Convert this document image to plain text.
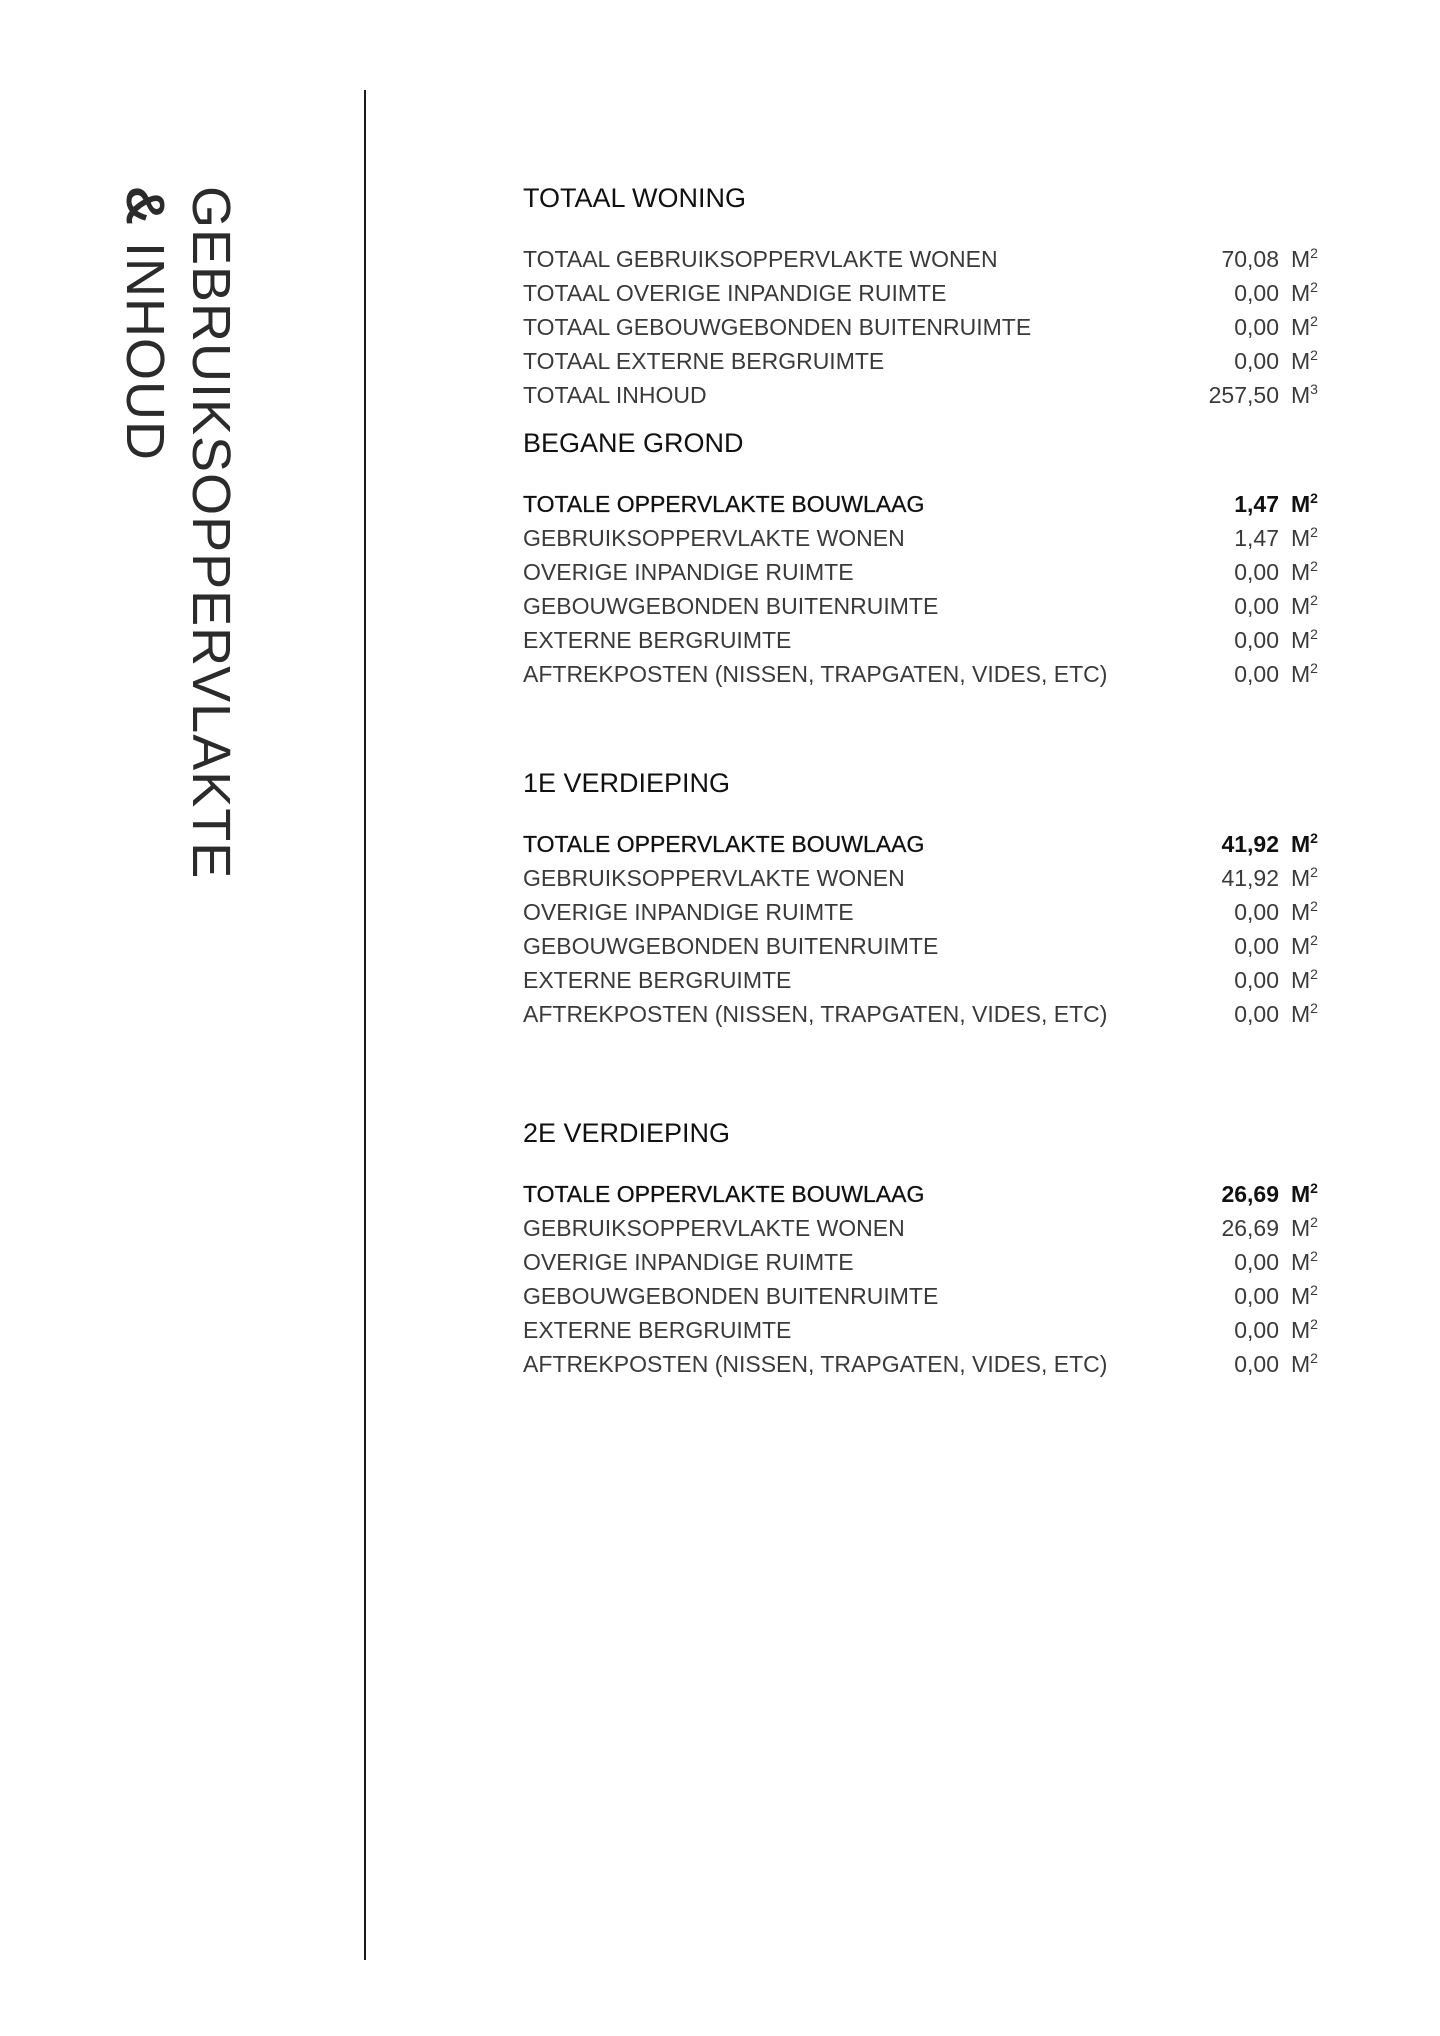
GEBRUIKSOPPERVLAKTE
& INHOUD
TOTAAL WONING
TOTAAL GEBRUIKSOPPERVLAKTE WONEN	70,08 $M^2$
TOTAAL OVERIGE INPANDIGE RUIMTE	0,00 $M^2$
TOTAAL GEBOUWGEBONDEN BUITENRUIMTE	0,00 $M^2$
TOTAAL EXTERNE BERGRUIMTE	0,00 $M^2$
TOTAAL INHOUD	257,50 $M^3$
BEGANE GROND
TOTALE OPPERVLAKTE BOUWLAAG	1,47 $M^2$
GEBRUIKSOPPERVLAKTE WONEN	1,47 $M^2$
OVERIGE INPANDIGE RUIMTE	0,00 $M^2$
GEBOUWGEBONDEN BUITENRUIMTE	0,00 $M^2$
EXTERNE BERGRUIMTE	0,00 $M^2$
AFTREKPOSTEN (NISSEN, TRAPGATEN, VIDES, ETC)	0,00 $M^2$
1E VERDIEPING
TOTALE OPPERVLAKTE BOUWLAAG	41,92 $M^2$
GEBRUIKSOPPERVLAKTE WONEN	41,92 $M^2$
OVERIGE INPANDIGE RUIMTE	0,00 $M^2$
GEBOUWGEBONDEN BUITENRUIMTE	0,00 $M^2$
EXTERNE BERGRUIMTE	0,00 $M^2$
AFTREKPOSTEN (NISSEN, TRAPGATEN, VIDES, ETC)	0,00 $M^2$
2E VERDIEPING
TOTALE OPPERVLAKTE BOUWLAAG	26,69 $M^2$
GEBRUIKSOPPERVLAKTE WONEN	26,69 $M^2$
OVERIGE INPANDIGE RUIMTE	0,00 $M^2$
GEBOUWGEBONDEN BUITENRUIMTE	0,00 $M^2$
EXTERNE BERGRUIMTE	0,00 $M^2$
AFTREKPOSTEN (NISSEN, TRAPGATEN, VIDES, ETC)	0,00 $M^2$
